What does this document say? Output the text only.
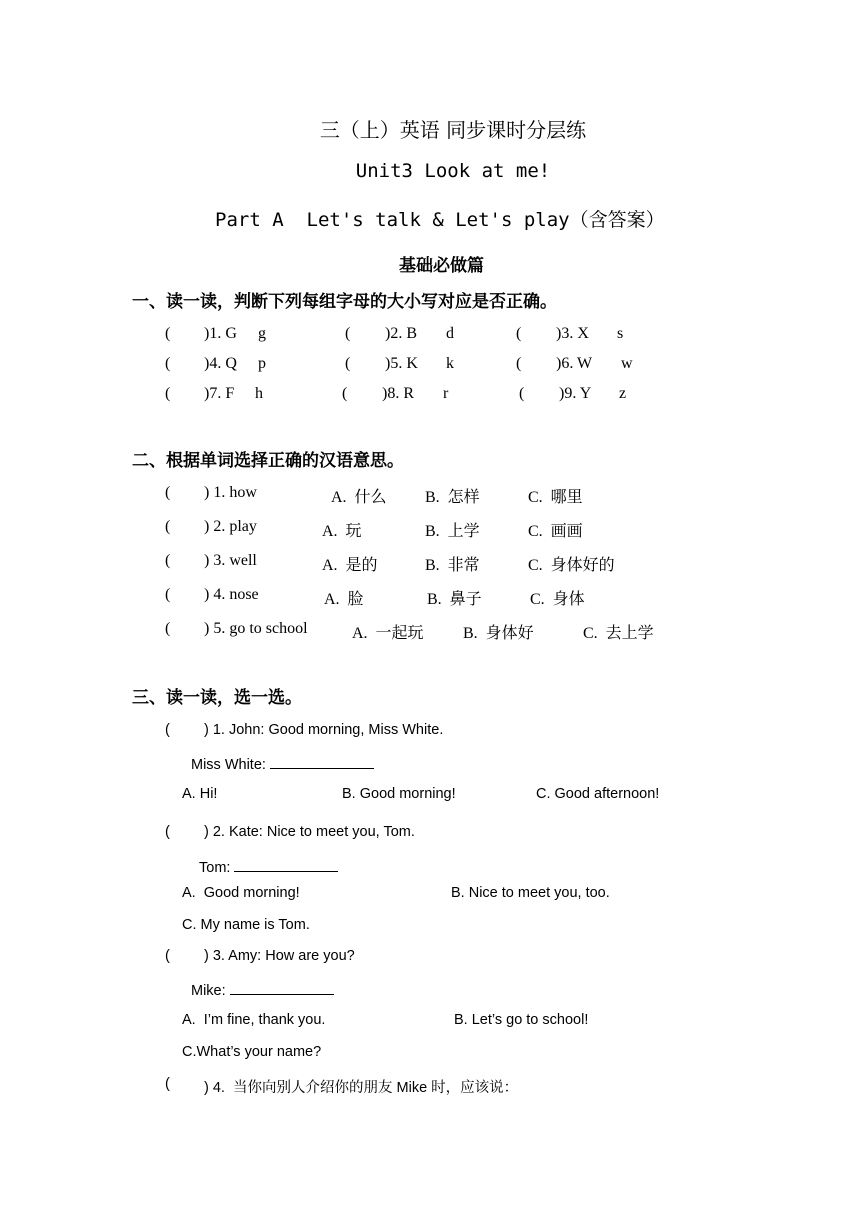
三（上）英语 同步课时分层练
Unit3 Look at me!
Part A  Let's talk & Let's play（含答案）
基础必做篇
一、读一读，判断下列每组字母的大小写对应是否正确。
( )1. G g	( )2. B d	( )3. X s
( )4. Q p	( )5. K k	( )6. W w
( )7. F h	( )8. R r	( )9. Y z
二、根据单词选择正确的汉语意思。
( ) 1. how	A.  什么 B.  怎样	C.  哪里
( ) 2. play	A.  玩	B.  上学	C.  画画
( ) 3. well	A.  是的	B.  非常	C.  身体好的
( ) 4. nose	A.  脸	B.  鼻子	C.  身体
( ) 5. go to school	A.  一起玩 B.  身体好	C.  去上学
三、读一读，选一选。
( ) 1. John: Good morning, Miss White.
Miss White:
A. Hi!	B. Good morning!	C. Good afternoon!
( ) 2. Kate: Nice to meet you, Tom.
Tom:
A.  Good morning!	B. Nice to meet you, too.
C. My name is Tom.
( ) 3. Amy: How are you?
Mike:
A.  I’m fine, thank you.	B. Let’s go to school!
C.What’s your name?
( ) 4.  当你向别人介绍你的朋友 Mike 时，应该说：
